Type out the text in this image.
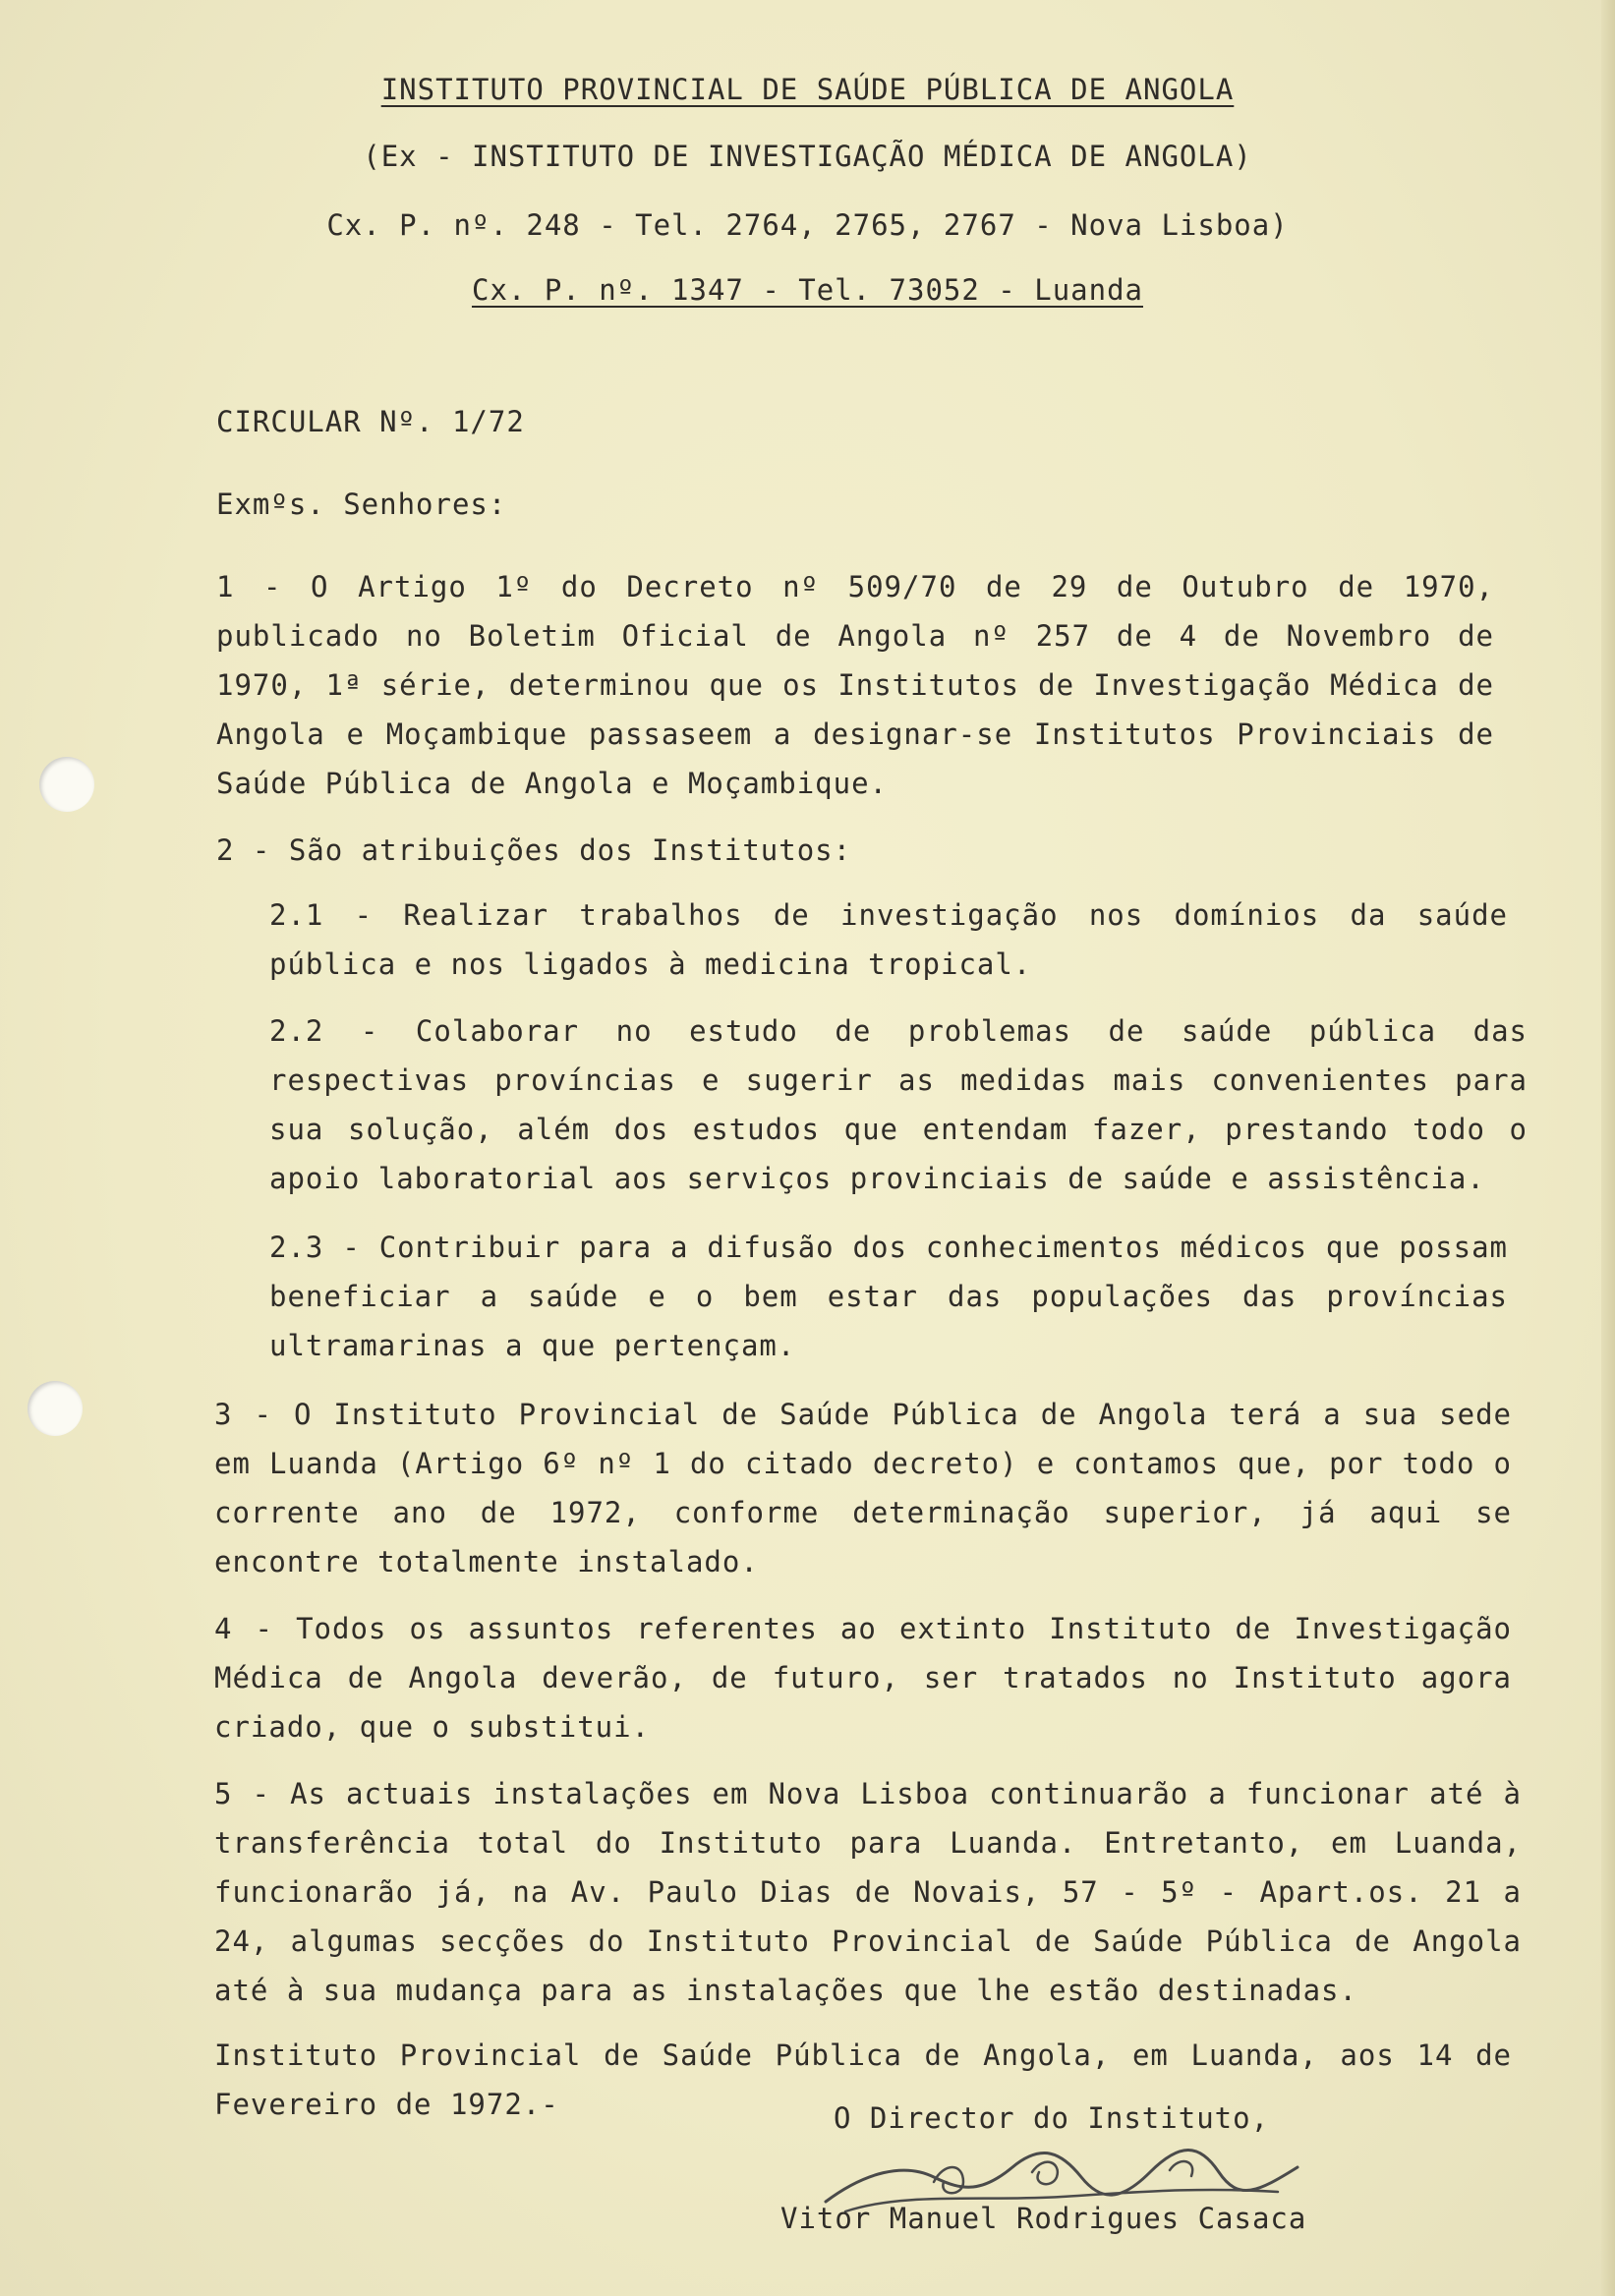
INSTITUTO PROVINCIAL DE SAÚDE PÚBLICA DE ANGOLA
(Ex - INSTITUTO DE INVESTIGAÇÃO MÉDICA DE ANGOLA)
Cx. P. nº. 248 - Tel. 2764, 2765, 2767 - Nova Lisboa)
Cx. P. nº. 1347 - Tel. 73052 - Luanda
CIRCULAR Nº. 1/72
Exmºs. Senhores:

1 - O Artigo 1º do Decreto nº 509/70 de 29 de Outubro de 1970, publicado no Boletim Oficial de Angola nº 257 de 4 de Novembro de 1970, 1ª série, determinou que os Institutos de Investigação Médica de Angola e Moçambique passaseem a designar-se Institutos Provinciais de Saúde Pública de Angola e Moçambique.

2 - São atribuições dos Institutos:

2.1 - Realizar trabalhos de investigação nos domínios da saúde pública e nos ligados à medicina tropical.

2.2 - Colaborar no estudo de problemas de saúde pública das respectivas províncias e sugerir as medidas mais convenientes para sua solução, além dos estudos que entendam fazer, prestando todo o apoio laboratorial aos serviços provinciais de saúde e assistência.

2.3 - Contribuir para a difusão dos conhecimentos médicos que possam beneficiar a saúde e o bem estar das populações das províncias ultramarinas a que pertençam.

3 - O Instituto Provincial de Saúde Pública de Angola terá a sua sede em Luanda (Artigo 6º nº 1 do citado decreto) e contamos que, por todo o corrente ano de 1972, conforme determinação superior, já aqui se encontre totalmente instalado.

4 - Todos os assuntos referentes ao extinto Instituto de Investigação Médica de Angola deverão, de futuro, ser tratados no Instituto agora criado, que o substitui.

5 - As actuais instalações em Nova Lisboa continuarão a funcionar até à transferência total do Instituto para Luanda. Entretanto, em Luanda, funcionarão já, na Av. Paulo Dias de Novais, 57 - 5º - Apart.os. 21 a 24, algumas secções do Instituto Provincial de Saúde Pública de Angola até à sua mudança para as instalações que lhe estão destinadas.

Instituto Provincial de Saúde Pública de Angola, em Luanda, aos 14 de Fevereiro de 1972.-	O Director do Instituto,
Vitor Manuel Rodrigues Casaca
